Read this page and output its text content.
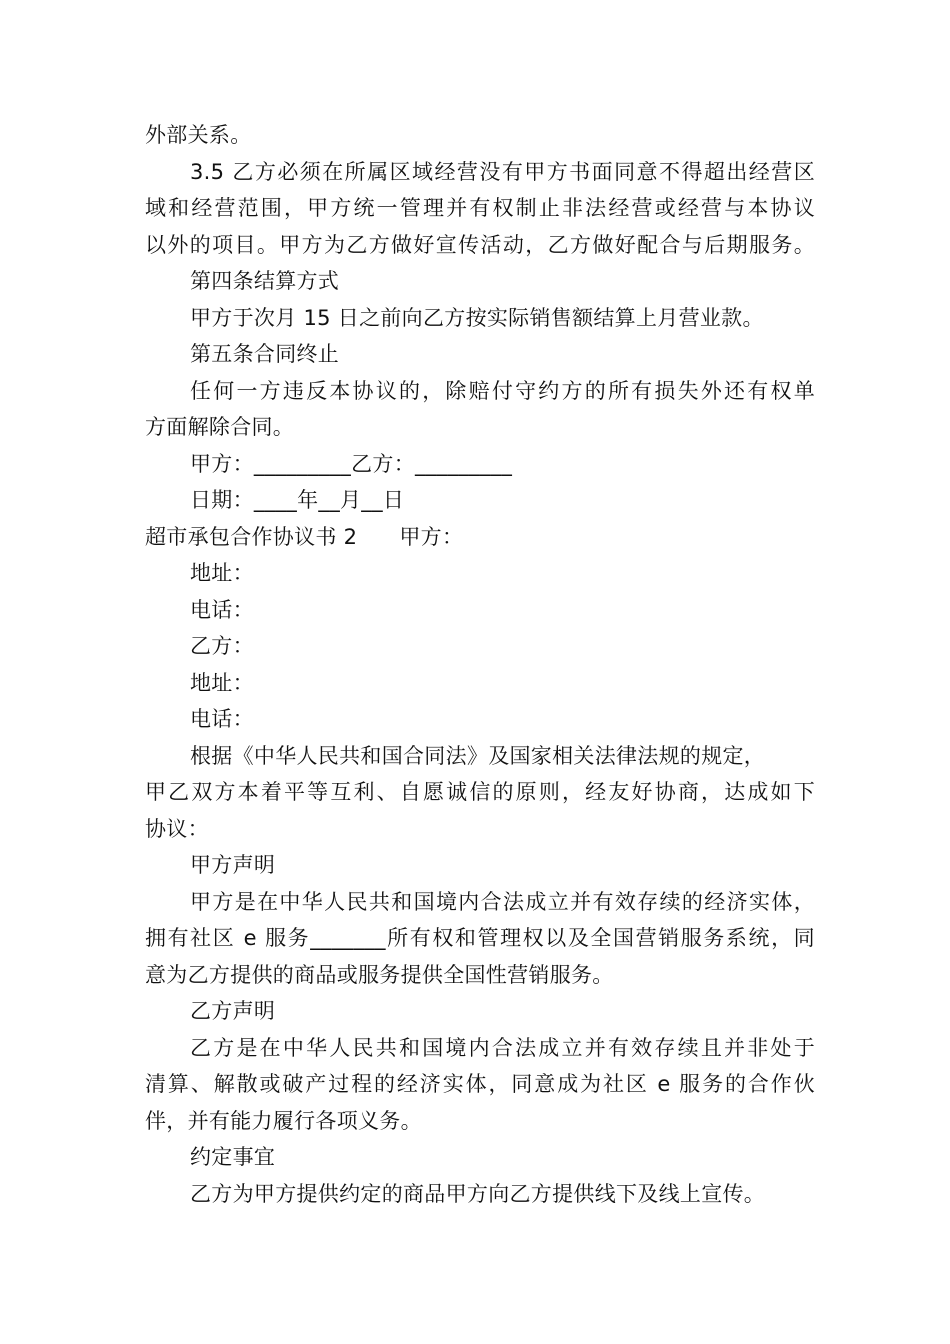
外部关系。
3.5 乙方必须在所属区域经营没有甲方书面同意不得超出经营区
域和经营范围，甲方统一管理并有权制止非法经营或经营与本协议
以外的项目。甲方为乙方做好宣传活动，乙方做好配合与后期服务。
第四条结算方式
甲方于次月 15 日之前向乙方按实际销售额结算上月营业款。
第五条合同终止
任何一方违反本协议的，除赔付守约方的所有损失外还有权单
方面解除合同。
甲方：_________乙方：_________
日期：____年__月__日
超市承包合作协议书 2 甲方：
地址：
电话：
乙方：
地址：
电话：
根据《中华人民共和国合同法》及国家相关法律法规的规定，
甲乙双方本着平等互利、自愿诚信的原则，经友好协商，达成如下
协议：
甲方声明
甲方是在中华人民共和国境内合法成立并有效存续的经济实体，
拥有社区 e 服务_______所有权和管理权以及全国营销服务系统，同
意为乙方提供的商品或服务提供全国性营销服务。
乙方声明
乙方是在中华人民共和国境内合法成立并有效存续且并非处于
清算、解散或破产过程的经济实体，同意成为社区 e 服务的合作伙
伴，并有能力履行各项义务。
约定事宜
乙方为甲方提供约定的商品甲方向乙方提供线下及线上宣传。
